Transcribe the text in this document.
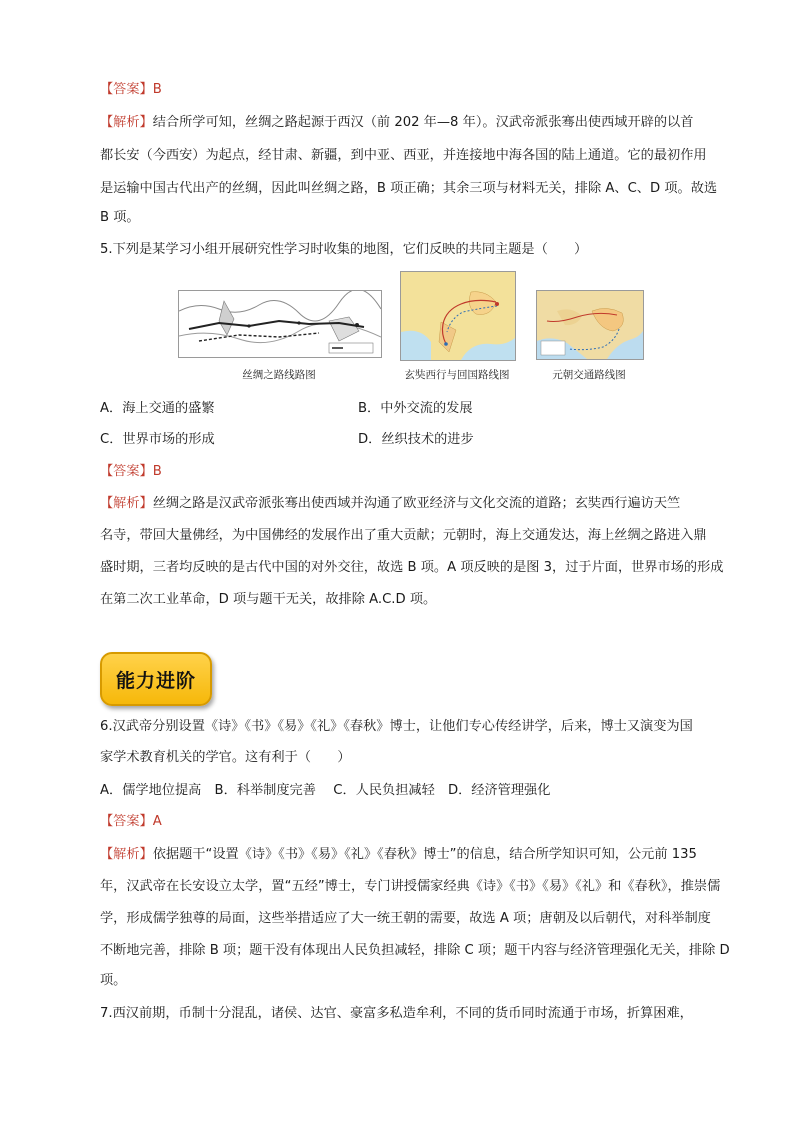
【答案】B
【解析】结合所学可知，丝绸之路起源于西汉（前 202 年—8 年）。汉武帝派张骞出使西域开辟的以首
都长安（今西安）为起点，经甘肃、新疆，到中亚、西亚，并连接地中海各国的陆上通道。它的最初作用
是运输中国古代出产的丝绸，因此叫丝绸之路，B 项正确；其余三项与材料无关，排除 A、C、D 项。故选
B 项。
5.下列是某学习小组开展研究性学习时收集的地图，它们反映的共同主题是（　　）
丝绸之路线路图	玄奘西行与回国路线图	元朝交通路线图
A．海上交通的盛繁	B．中外交流的发展
C．世界市场的形成	D．丝织技术的进步
【答案】B
【解析】丝绸之路是汉武帝派张骞出使西域并沟通了欧亚经济与文化交流的道路；玄奘西行遍访天竺
名寺，带回大量佛经，为中国佛经的发展作出了重大贡献；元朝时，海上交通发达，海上丝绸之路进入鼎
盛时期，三者均反映的是古代中国的对外交往，故选 B 项。A 项反映的是图 3，过于片面，世界市场的形成
在第二次工业革命，D 项与题干无关，故排除 A.C.D 项。
能力进阶
6.汉武帝分别设置《诗》《书》《易》《礼》《春秋》博士，让他们专心传经讲学，后来，博士又演变为国
家学术教育机关的学官。这有利于（　　）
A．儒学地位提高　B．科举制度完善　 C．人民负担减轻　D．经济管理强化
【答案】A
【解析】依据题干“设置《诗》《书》《易》《礼》《春秋》博士”的信息，结合所学知识可知，公元前 135
年，汉武帝在长安设立太学，置“五经”博士，专门讲授儒家经典《诗》《书》《易》《礼》和《春秋》，推崇儒
学，形成儒学独尊的局面，这些举措适应了大一统王朝的需要，故选 A 项；唐朝及以后朝代，对科举制度
不断地完善，排除 B 项；题干没有体现出人民负担减轻，排除 C 项；题干内容与经济管理强化无关，排除 D
项。
7.西汉前期，币制十分混乱，诸侯、达官、豪富多私造牟利，不同的货币同时流通于市场，折算困难，
